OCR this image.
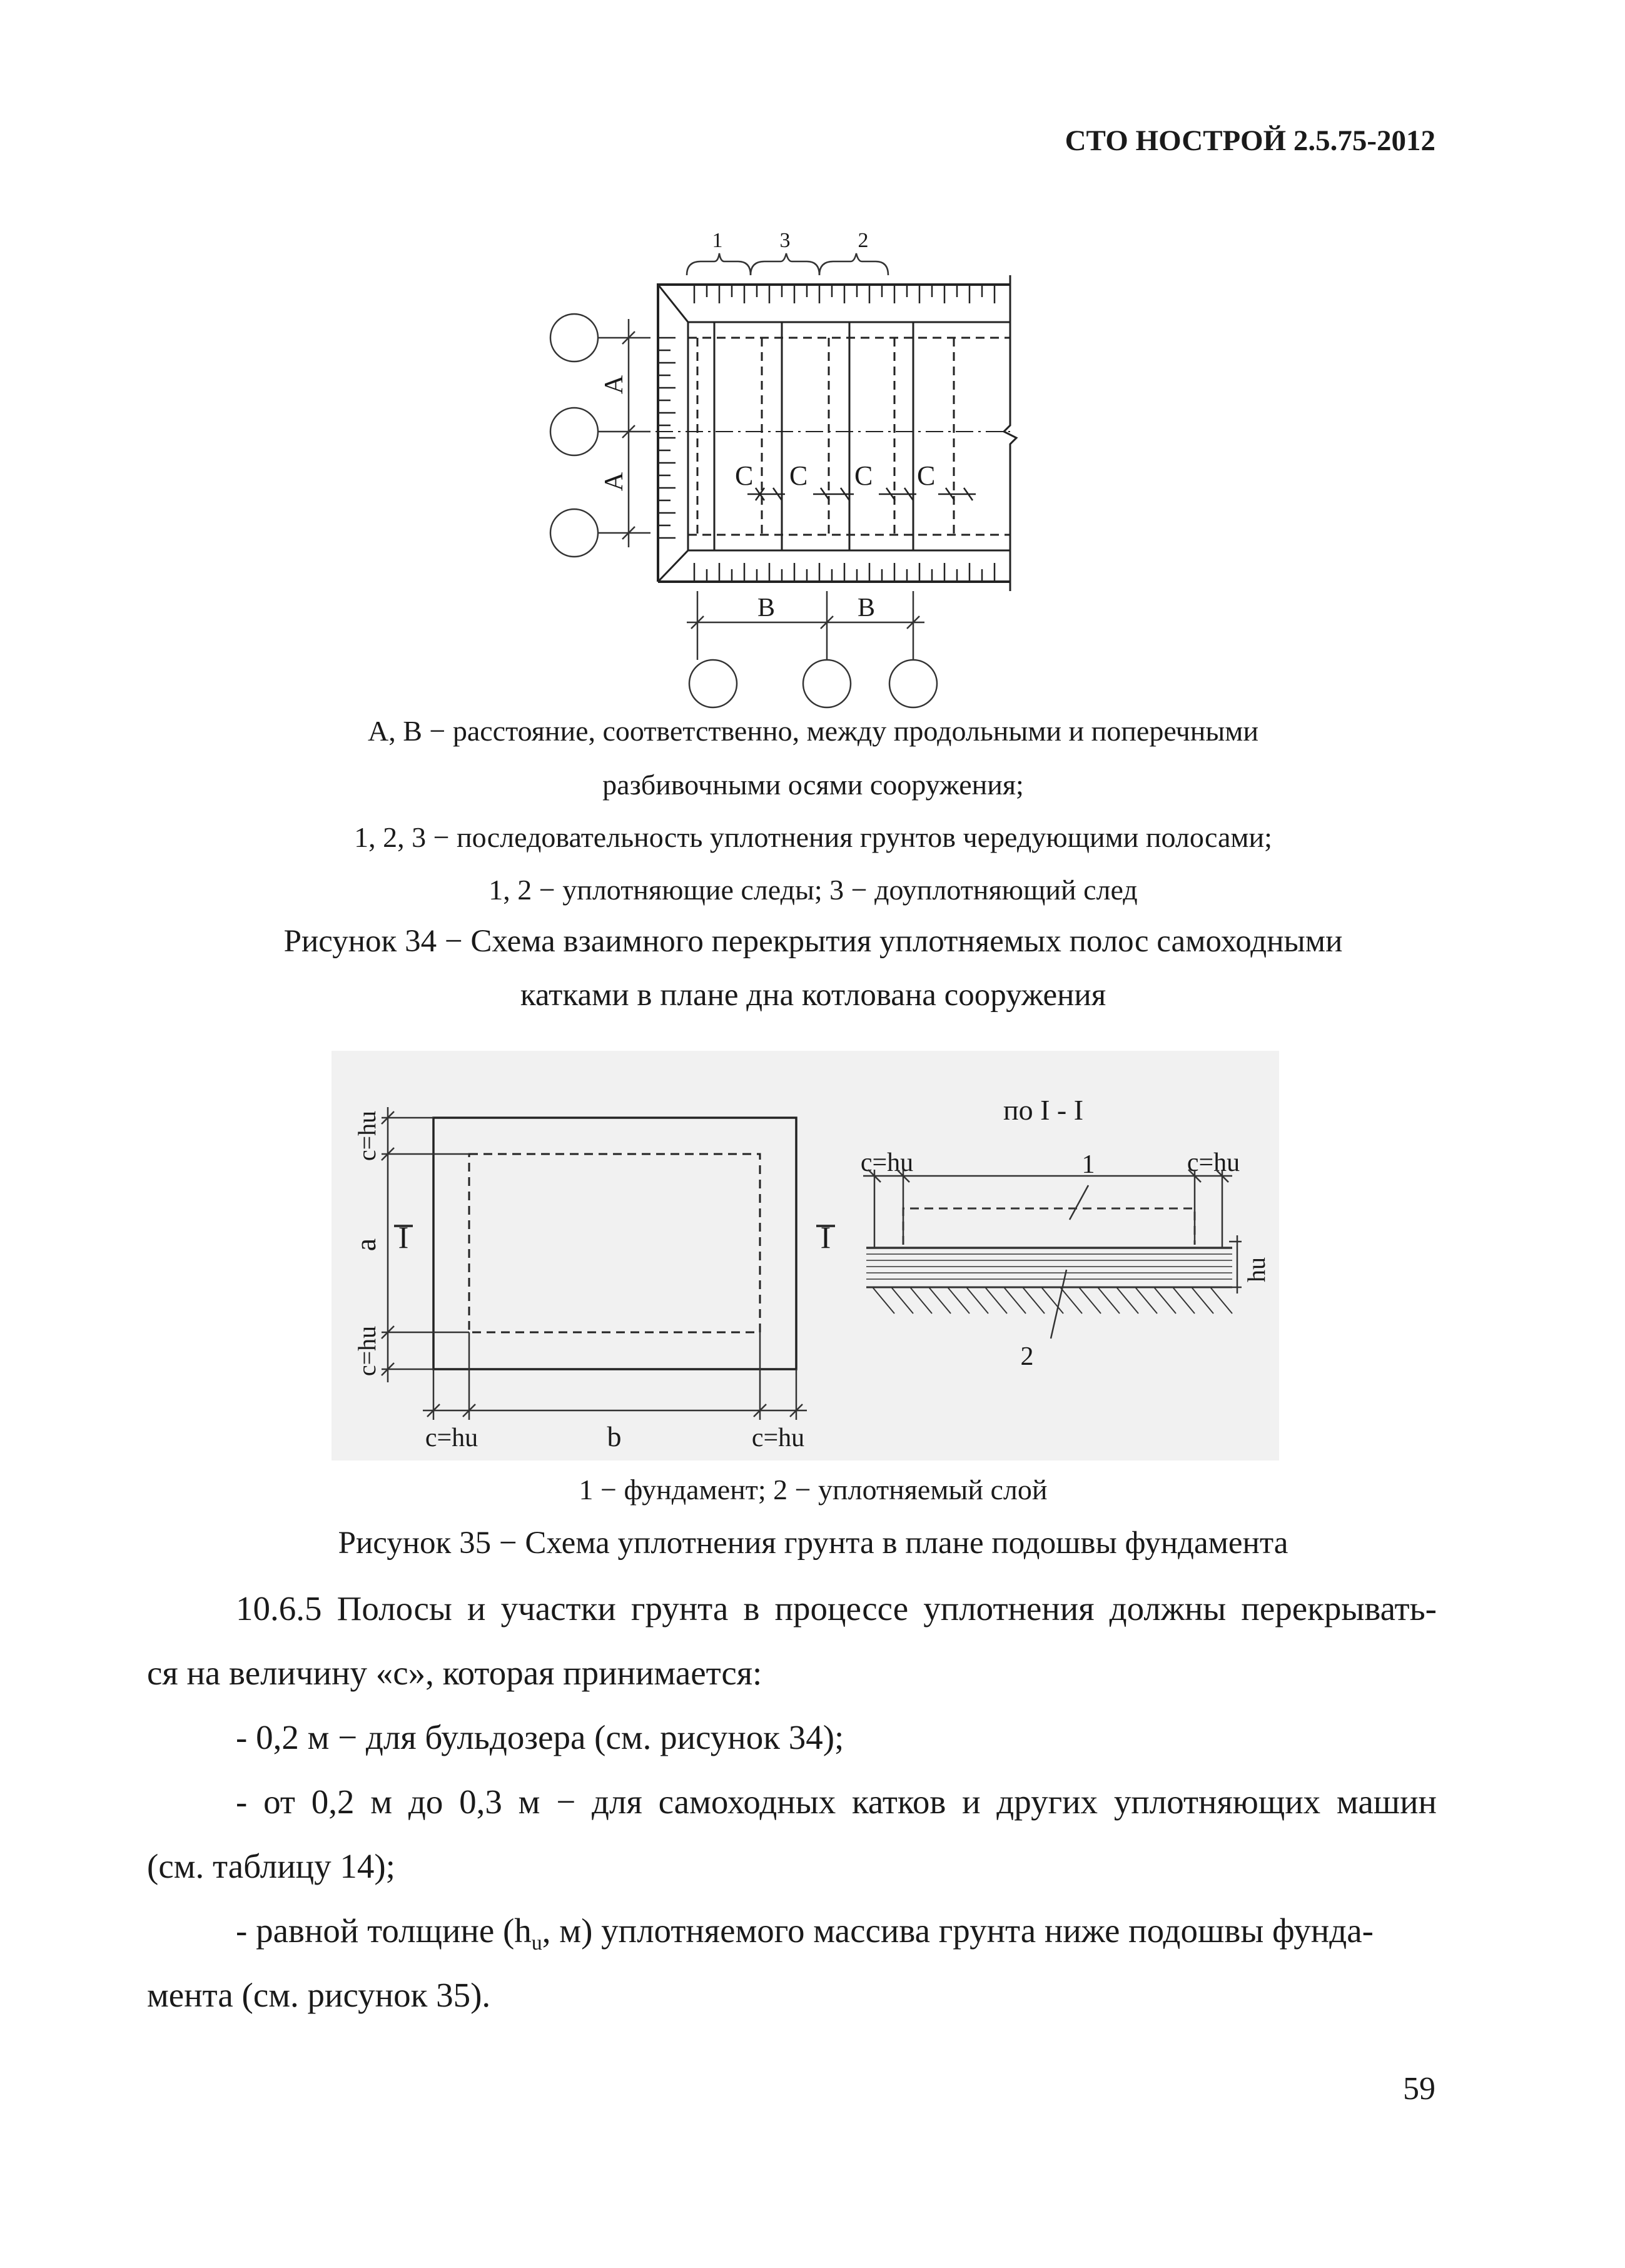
СТО НОСТРОЙ 2.5.75-2012
1	3	2
С С С С
А
А
В	В
А, В − расстояние, соответственно, между продольными и поперечными
разбивочными осями сооружения;
1, 2, 3 − последовательность уплотнения грунтов чередующими полосами;
1, 2 − уплотняющие следы; 3 − доуплотняющий след
Рисунок 34 − Схема взаимного перекрытия уплотняемых полос самоходными
катками в плане дна котлована сооружения
c=hu
a
c=hu
I	I
c=hu	b	c=hu
по I - I
c=hu	c=hu
1
hu
2
1 − фундамент; 2 − уплотняемый слой
Рисунок 35 − Схема уплотнения грунта в плане подошвы фундамента
10.6.5 Полосы и участки грунта в процессе уплотнения должны перекрывать-
ся на величину «с», которая принимается:
- 0,2 м − для бульдозера (см. рисунок 34);
- от 0,2 м до 0,3 м − для самоходных катков и других уплотняющих машин
(см. таблицу 14);
- равной толщине ($h_u$, м) уплотняемого массива грунта ниже подошвы фунда-
мента (см. рисунок 35).
59
